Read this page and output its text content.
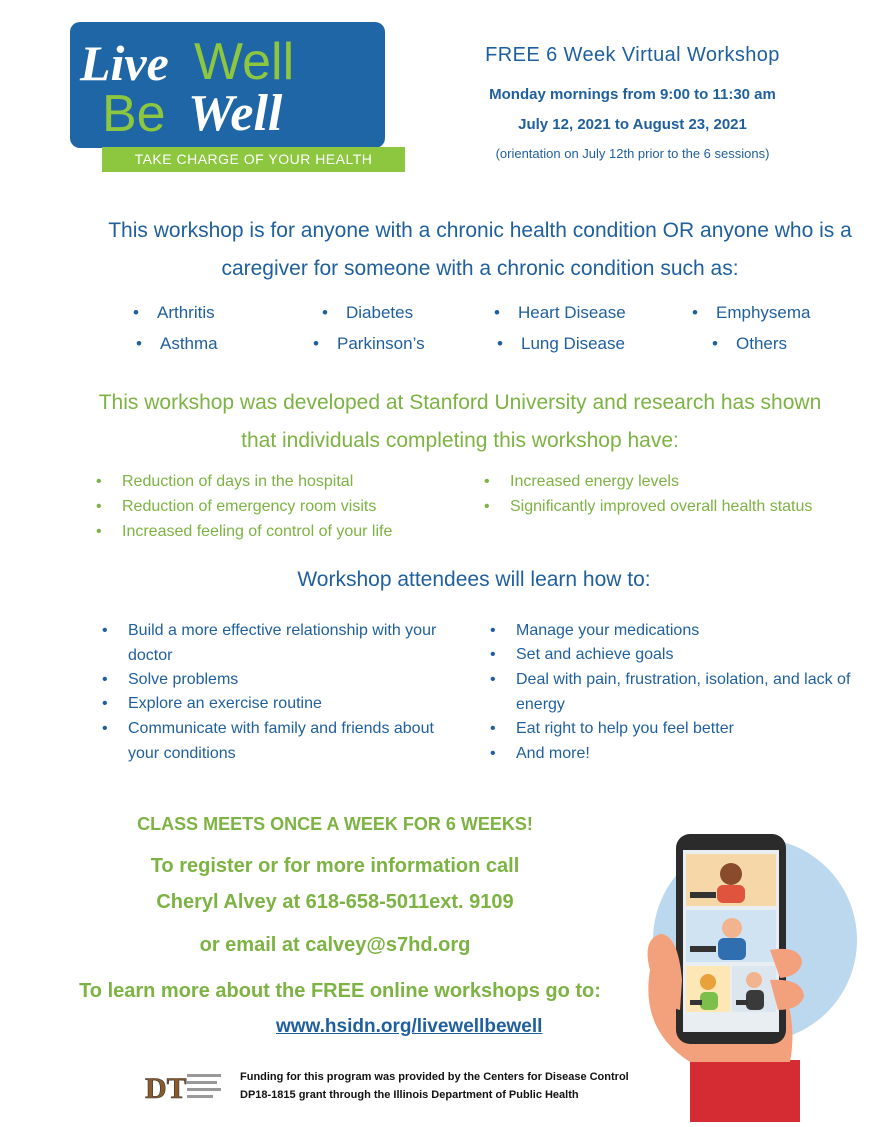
Live Well
Be Well
TAKE CHARGE OF YOUR HEALTH
FREE 6 Week Virtual Workshop
Monday mornings from 9:00 to 11:30 am
July 12, 2021 to August 23, 2021
(orientation on July 12th prior to the 6 sessions)

This workshop is for anyone with a chronic health condition OR anyone who is a

caregiver for someone with a chronic condition such as:

• Arthritis	• Diabetes	• Heart Disease	• Emphysema
• Asthma	• Parkinson’s	• Lung Disease	• Others

This workshop was developed at Stanford University and research has shown

that individuals completing this workshop have:

• Reduction of days in the hospital
• Reduction of emergency room visits
• Increased feeling of control of your life
• Increased energy levels
• Significantly improved overall health status
Workshop attendees will learn how to:
• Build a more effective relationship with your doctor
• Solve problems
• Explore an exercise routine
• Communicate with family and friends about your conditions
• Manage your medications
• Set and achieve goals
• Deal with pain, frustration, isolation, and lack of energy
• Eat right to help you feel better
• And more!
CLASS MEETS ONCE A WEEK FOR 6 WEEKS!
To register or for more information call
Cheryl Alvey at 618-658-5011ext. 9109
or email at calvey@s7hd.org
To learn more about the FREE online workshops go to:
www.hsidn.org/livewellbewell
DT	Funding for this program was provided by the Centers for Disease Control
DP18-1815 grant through the Illinois Department of Public Health
